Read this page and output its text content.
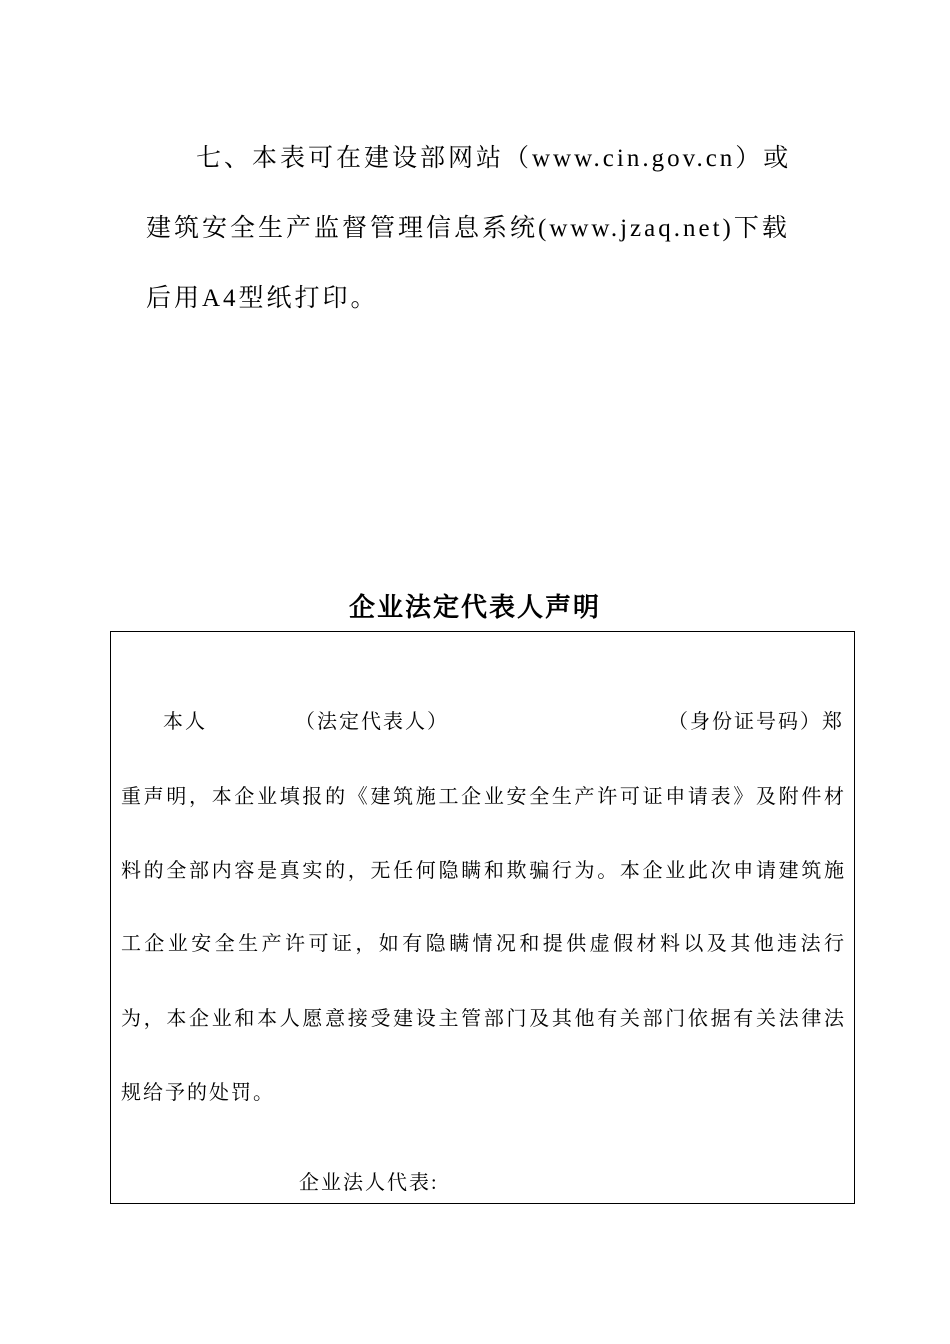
七、本表可在建设部网站（www.cin.gov.cn）或建筑安全生产监督管理信息系统(www.jzaq.net)下载后用A4型纸打印。
企业法定代表人声明
本人	（法定代表人）	（身份证号码）郑
重声明，本企业填报的《建筑施工企业安全生产许可证申请表》及附件材
料的全部内容是真实的，无任何隐瞒和欺骗行为。本企业此次申请建筑施
工企业安全生产许可证，如有隐瞒情况和提供虚假材料以及其他违法行
为，本企业和本人愿意接受建设主管部门及其他有关部门依据有关法律法
规给予的处罚。
企业法人代表:
